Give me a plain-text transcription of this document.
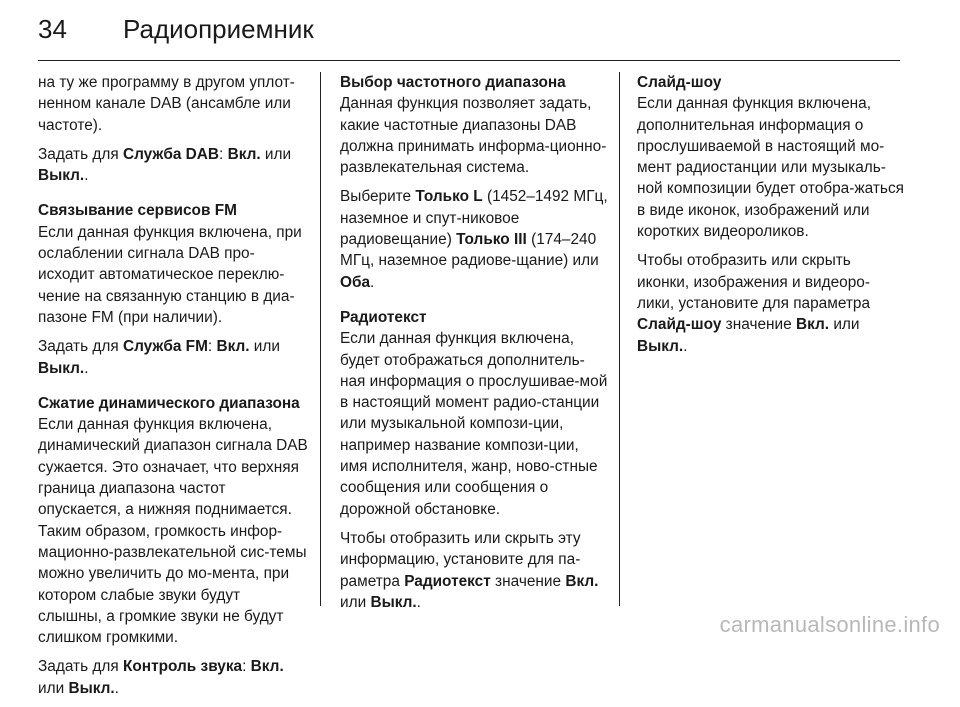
34	Радиоприемник

на ту же программу в другом уплот-ненном канале DAB (ансамбле или частоте).

Задать для Служба DAB: Вкл. или Выкл..

Связывание сервисов FM
Если данная функция включена, при ослаблении сигнала DAB про-исходит автоматическое переклю-чение на связанную станцию в диа-пазоне FM (при наличии).

Задать для Служба FM: Вкл. или Выкл..

Сжатие динамического диапазона
Если данная функция включена, динамический диапазон сигнала DAB сужается. Это означает, что верхняя граница диапазона частот опускается, а нижняя поднимается. Таким образом, громкость инфор-мационно-развлекательной сис-темы можно увеличить до мо-мента, при котором слабые звуки будут слышны, а громкие звуки не будут слишком громкими.

Задать для Контроль звука: Вкл. или Выкл..

Выбор частотного диапазона
Данная функция позволяет задать, какие частотные диапазоны DAB должна принимать информа-ционно-развлекательная система.

Выберите Только L (1452–1492 МГц, наземное и спут-никовое радиовещание) Только III (174–240 МГц, наземное радиове-щание) или Оба.

Радиотекст
Если данная функция включена, будет отображаться дополнитель-ная информация о прослушивае-мой в настоящий момент радио-станции или музыкальной компози-ции, например название компози-ции, имя исполнителя, жанр, ново-стные сообщения или сообщения о дорожной обстановке.

Чтобы отобразить или скрыть эту информацию, установите для па-раметра Радиотекст значение Вкл. или Выкл..

Слайд-шоу
Если данная функция включена, дополнительная информация о прослушиваемой в настоящий мо-мент радиостанции или музыкаль-ной композиции будет отобра-жаться в виде иконок, изображений или коротких видеороликов.

Чтобы отобразить или скрыть иконки, изображения и видеоро-лики, установите для параметра Слайд-шоу значение Вкл. или Выкл..

carmanualsonline.info
